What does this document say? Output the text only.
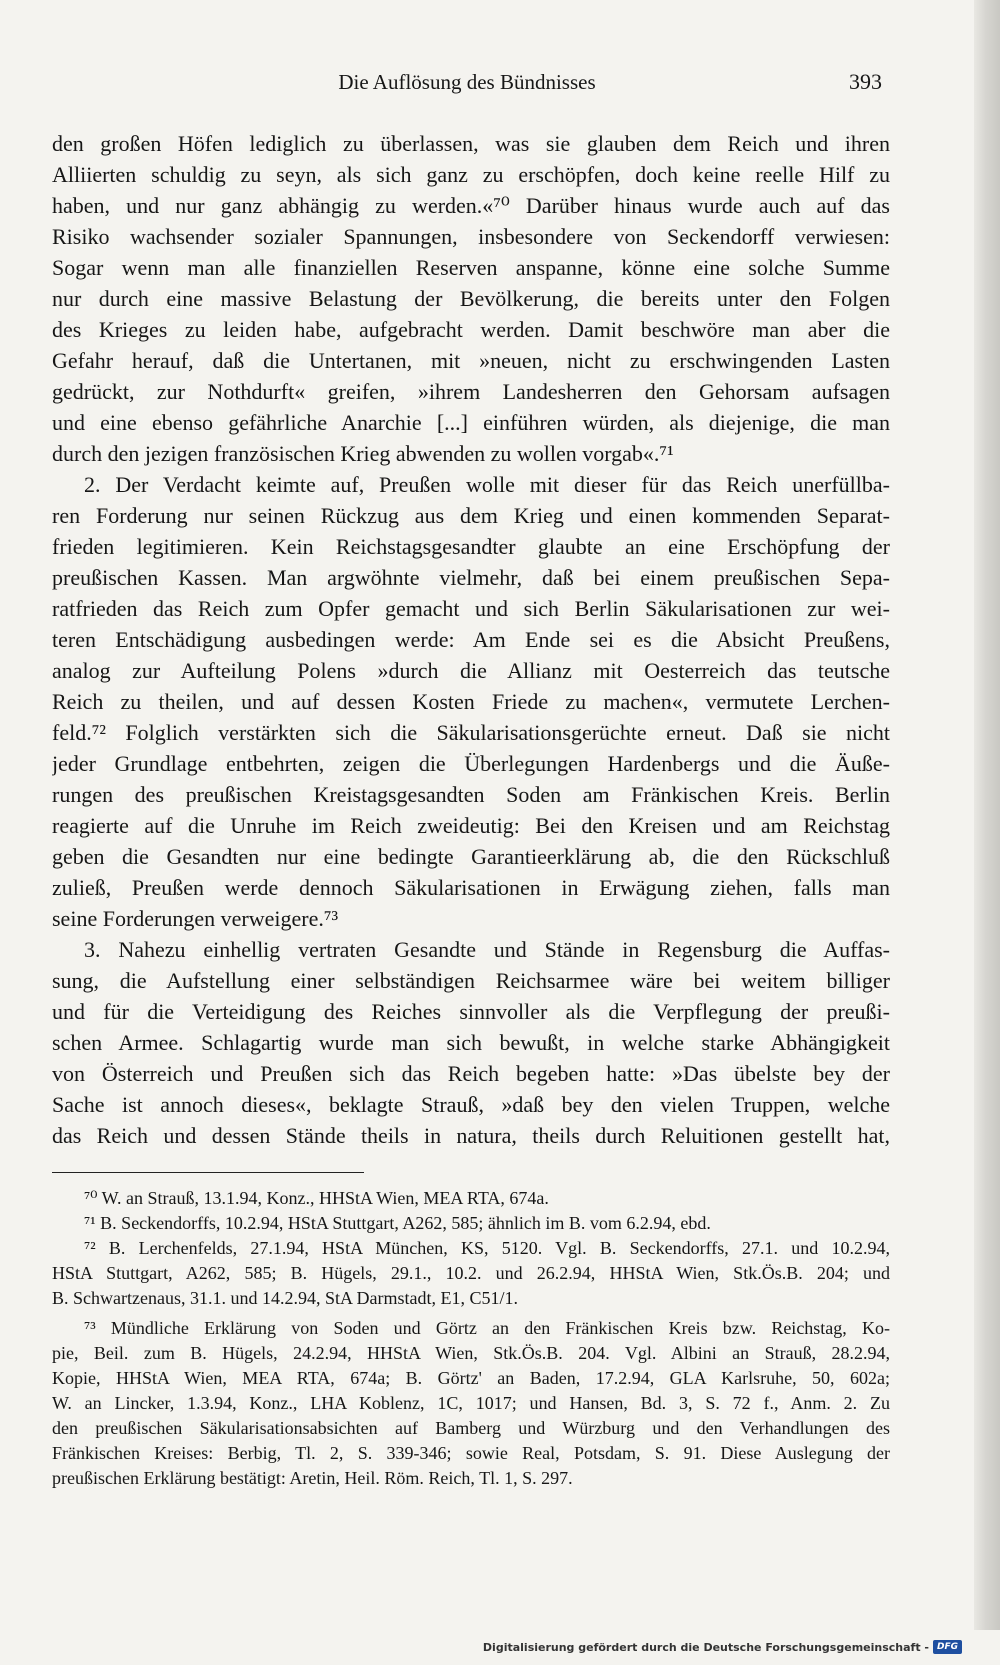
Die Auflösung des Bündnisses	393
den großen Höfen lediglich zu überlassen, was sie glauben dem Reich und ihren
Alliierten schuldig zu seyn, als sich ganz zu erschöpfen, doch keine reelle Hilf zu
haben, und nur ganz abhängig zu werden.«⁷⁰ Darüber hinaus wurde auch auf das
Risiko wachsender sozialer Spannungen, insbesondere von Seckendorff verwiesen:
Sogar wenn man alle finanziellen Reserven anspanne, könne eine solche Summe
nur durch eine massive Belastung der Bevölkerung, die bereits unter den Folgen
des Krieges zu leiden habe, aufgebracht werden. Damit beschwöre man aber die
Gefahr herauf, daß die Untertanen, mit »neuen, nicht zu erschwingenden Lasten
gedrückt, zur Nothdurft« greifen, »ihrem Landesherren den Gehorsam aufsagen
und eine ebenso gefährliche Anarchie [...] einführen würden, als diejenige, die man
durch den jezigen französischen Krieg abwenden zu wollen vorgab«.⁷¹
2. Der Verdacht keimte auf, Preußen wolle mit dieser für das Reich unerfüllba-
ren Forderung nur seinen Rückzug aus dem Krieg und einen kommenden Separat-
frieden legitimieren. Kein Reichstagsgesandter glaubte an eine Erschöpfung der
preußischen Kassen. Man argwöhnte vielmehr, daß bei einem preußischen Sepa-
ratfrieden das Reich zum Opfer gemacht und sich Berlin Säkularisationen zur wei-
teren Entschädigung ausbedingen werde: Am Ende sei es die Absicht Preußens,
analog zur Aufteilung Polens »durch die Allianz mit Oesterreich das teutsche
Reich zu theilen, und auf dessen Kosten Friede zu machen«, vermutete Lerchen-
feld.⁷² Folglich verstärkten sich die Säkularisationsgerüchte erneut. Daß sie nicht
jeder Grundlage entbehrten, zeigen die Überlegungen Hardenbergs und die Äuße-
rungen des preußischen Kreistagsgesandten Soden am Fränkischen Kreis. Berlin
reagierte auf die Unruhe im Reich zweideutig: Bei den Kreisen und am Reichstag
geben die Gesandten nur eine bedingte Garantieerklärung ab, die den Rückschluß
zuließ, Preußen werde dennoch Säkularisationen in Erwägung ziehen, falls man
seine Forderungen verweigere.⁷³
3. Nahezu einhellig vertraten Gesandte und Stände in Regensburg die Auffas-
sung, die Aufstellung einer selbständigen Reichsarmee wäre bei weitem billiger
und für die Verteidigung des Reiches sinnvoller als die Verpflegung der preußi-
schen Armee. Schlagartig wurde man sich bewußt, in welche starke Abhängigkeit
von Österreich und Preußen sich das Reich begeben hatte: »Das übelste bey der
Sache ist annoch dieses«, beklagte Strauß, »daß bey den vielen Truppen, welche
das Reich und dessen Stände theils in natura, theils durch Reluitionen gestellt hat,
⁷⁰ W. an Strauß, 13.1.94, Konz., HHStA Wien, MEA RTA, 674a.
⁷¹ B. Seckendorffs, 10.2.94, HStA Stuttgart, A262, 585; ähnlich im B. vom 6.2.94, ebd.
⁷² B. Lerchenfelds, 27.1.94, HStA München, KS, 5120. Vgl. B. Seckendorffs, 27.1. und 10.2.94,
HStA Stuttgart, A262, 585; B. Hügels, 29.1., 10.2. und 26.2.94, HHStA Wien, Stk.Ös.B. 204; und
B. Schwartzenaus, 31.1. und 14.2.94, StA Darmstadt, E1, C51/1.
⁷³ Mündliche Erklärung von Soden und Görtz an den Fränkischen Kreis bzw. Reichstag, Ko-
pie, Beil. zum B. Hügels, 24.2.94, HHStA Wien, Stk.Ös.B. 204. Vgl. Albini an Strauß, 28.2.94,
Kopie, HHStA Wien, MEA RTA, 674a; B. Görtz' an Baden, 17.2.94, GLA Karlsruhe, 50, 602a;
W. an Lincker, 1.3.94, Konz., LHA Koblenz, 1C, 1017; und Hansen, Bd. 3, S. 72 f., Anm. 2. Zu
den preußischen Säkularisationsabsichten auf Bamberg und Würzburg und den Verhandlungen des
Fränkischen Kreises: Berbig, Tl. 2, S. 339-346; sowie Real, Potsdam, S. 91. Diese Auslegung der
preußischen Erklärung bestätigt: Aretin, Heil. Röm. Reich, Tl. 1, S. 297.
Digitalisierung gefördert durch die Deutsche Forschungsgemeinschaft - DFG
